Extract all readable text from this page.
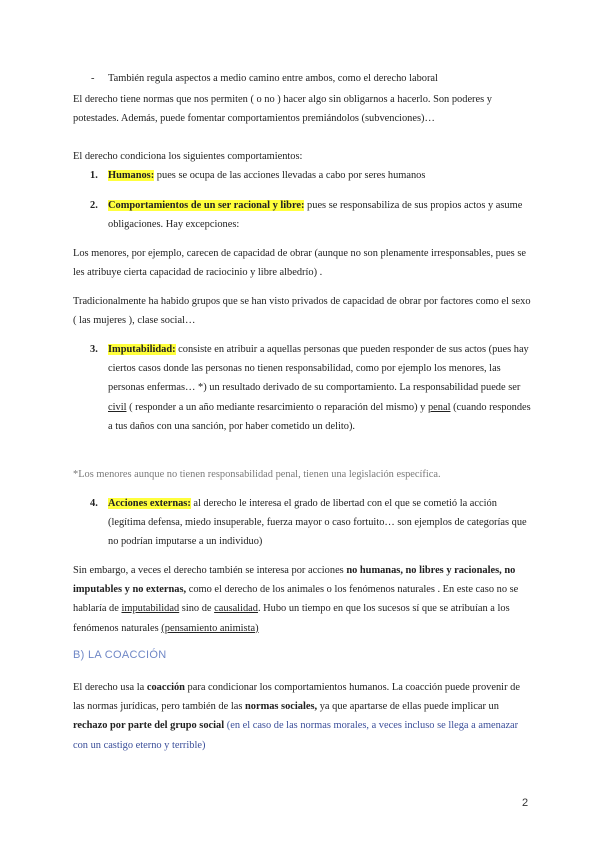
- También regula aspectos a medio camino entre ambos, como el derecho laboral

El derecho tiene normas que nos permiten ( o no ) hacer algo sin obligarnos a hacerlo. Son poderes y potestades. Además, puede fomentar comportamientos premiándolos (subvenciones)…

El derecho condiciona los siguientes comportamientos:

1. Humanos: pues se ocupa de las acciones llevadas a cabo por seres humanos

2. Comportamientos de un ser racional y libre: pues se responsabiliza de sus propios actos y asume obligaciones. Hay excepciones:

Los menores, por ejemplo, carecen de capacidad de obrar (aunque no son plenamente irresponsables, pues se les atribuye cierta capacidad de raciocinio y libre albedrío) .

Tradicionalmente ha habido grupos que se han visto privados de capacidad de obrar por factores como el sexo ( las mujeres ), clase social…

3. Imputabilidad: consiste en atribuir a aquellas personas que pueden responder de sus actos (pues hay ciertos casos donde las personas no tienen responsabilidad, como por ejemplo los menores, las personas enfermas… *) un resultado derivado de su comportamiento. La responsabilidad puede ser civil ( responder a un año mediante resarcimiento o reparación del mismo) y penal (cuando respondes a tus daños con una sanción, por haber cometido un delito).

*Los menores aunque no tienen responsabilidad penal, tienen una legislación específica.

4. Acciones externas: al derecho le interesa el grado de libertad con el que se cometió la acción (legítima defensa, miedo insuperable, fuerza mayor o caso fortuito… son ejemplos de categorías que no podrían imputarse a un individuo)

Sin embargo, a veces el derecho también se interesa por acciones no humanas, no libres y racionales, no imputables y no externas, como el derecho de los animales o los fenómenos naturales . En este caso no se hablaría de imputabilidad sino de causalidad. Hubo un tiempo en que los sucesos sí que se atribuían a los fenómenos naturales (pensamiento animista)

B) LA COACCIÓN

El derecho usa la coacción para condicionar los comportamientos humanos. La coacción puede provenir de las normas jurídicas, pero también de las normas sociales, ya que apartarse de ellas puede implicar un rechazo por parte del grupo social (en el caso de las normas morales, a veces incluso se llega a amenazar con un castigo eterno y terrible)

2
